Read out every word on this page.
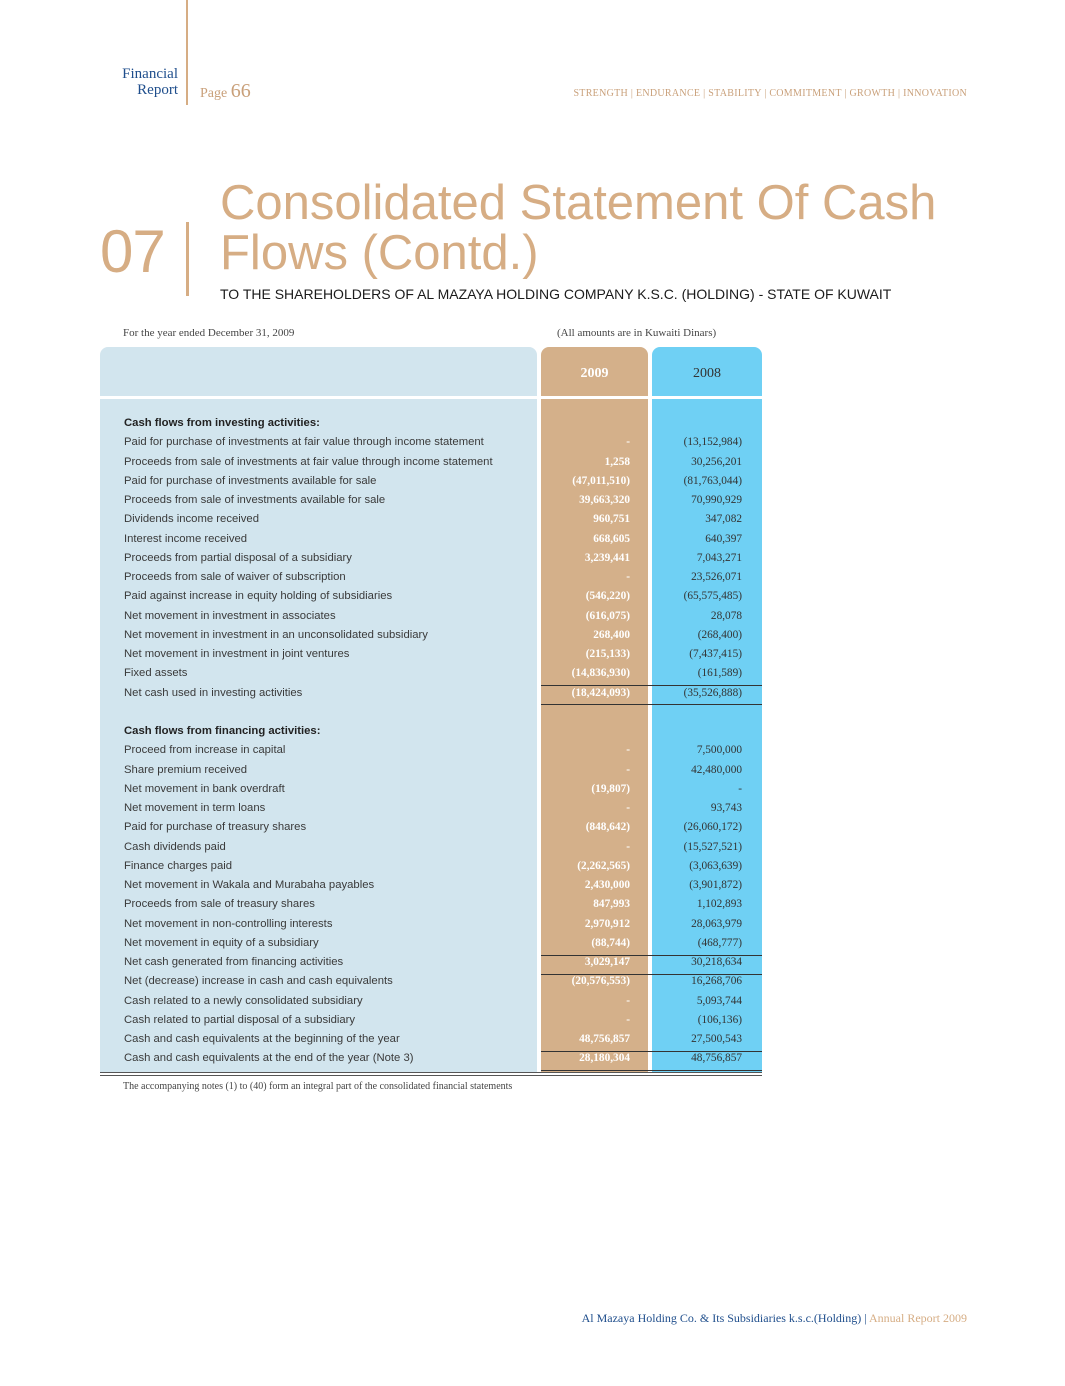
Financial
Report Page 66	STRENGTH | ENDURANCE | STABILITY | COMMITMENT | GROWTH | INNOVATION
07
Consolidated Statement Of Cash
Flows (Contd.)
TO THE SHAREHOLDERS OF AL MAZAYA HOLDING COMPANY K.S.C. (HOLDING) - STATE OF KUWAIT
For the year ended December 31, 2009	(All amounts are in Kuwaiti Dinars)
2009	2008
Cash flows from investing activities:
Paid for purchase of investments at fair value through income statement	-	(13,152,984)
Proceeds from sale of investments at fair value through income statement	1,258	30,256,201
Paid for purchase of investments available for sale	(47,011,510)	(81,763,044)
Proceeds from sale of investments available for sale	39,663,320	70,990,929
Dividends income received	960,751	347,082
Interest income received	668,605	640,397
Proceeds from partial disposal of a subsidiary	3,239,441	7,043,271
Proceeds from sale of waiver of subscription	-	23,526,071
Paid against increase in equity holding of subsidiaries	(546,220)	(65,575,485)
Net movement in investment in associates	(616,075)	28,078
Net movement in investment in an unconsolidated subsidiary	268,400	(268,400)
Net movement in investment in joint ventures	(215,133)	(7,437,415)
Fixed assets	(14,836,930)	(161,589)
Net cash used in investing activities	(18,424,093)	(35,526,888)
Cash flows from financing activities:
Proceed from increase in capital	-	7,500,000
Share premium received	-	42,480,000
Net movement in bank overdraft	(19,807)	-
Net movement in term loans	-	93,743
Paid for purchase of treasury shares	(848,642)	(26,060,172)
Cash dividends paid	-	(15,527,521)
Finance charges paid	(2,262,565)	(3,063,639)
Net movement in Wakala and Murabaha payables	2,430,000	(3,901,872)
Proceeds from sale of treasury shares	847,993	1,102,893
Net movement in non-controlling interests	2,970,912	28,063,979
Net movement in equity of a subsidiary	(88,744)	(468,777)
Net cash generated from financing activities	3,029,147	30,218,634
Net (decrease) increase in cash and cash equivalents	(20,576,553)	16,268,706
Cash related to a newly consolidated subsidiary	-	5,093,744
Cash related to partial disposal of a subsidiary	-	(106,136)
Cash and cash equivalents at the beginning of the year	48,756,857	27,500,543
Cash and cash equivalents at the end of the year (Note 3)	28,180,304	48,756,857
The accompanying notes (1) to (40) form an integral part of the consolidated financial statements
Al Mazaya Holding Co. & Its Subsidiaries k.s.c.(Holding) | Annual Report 2009
